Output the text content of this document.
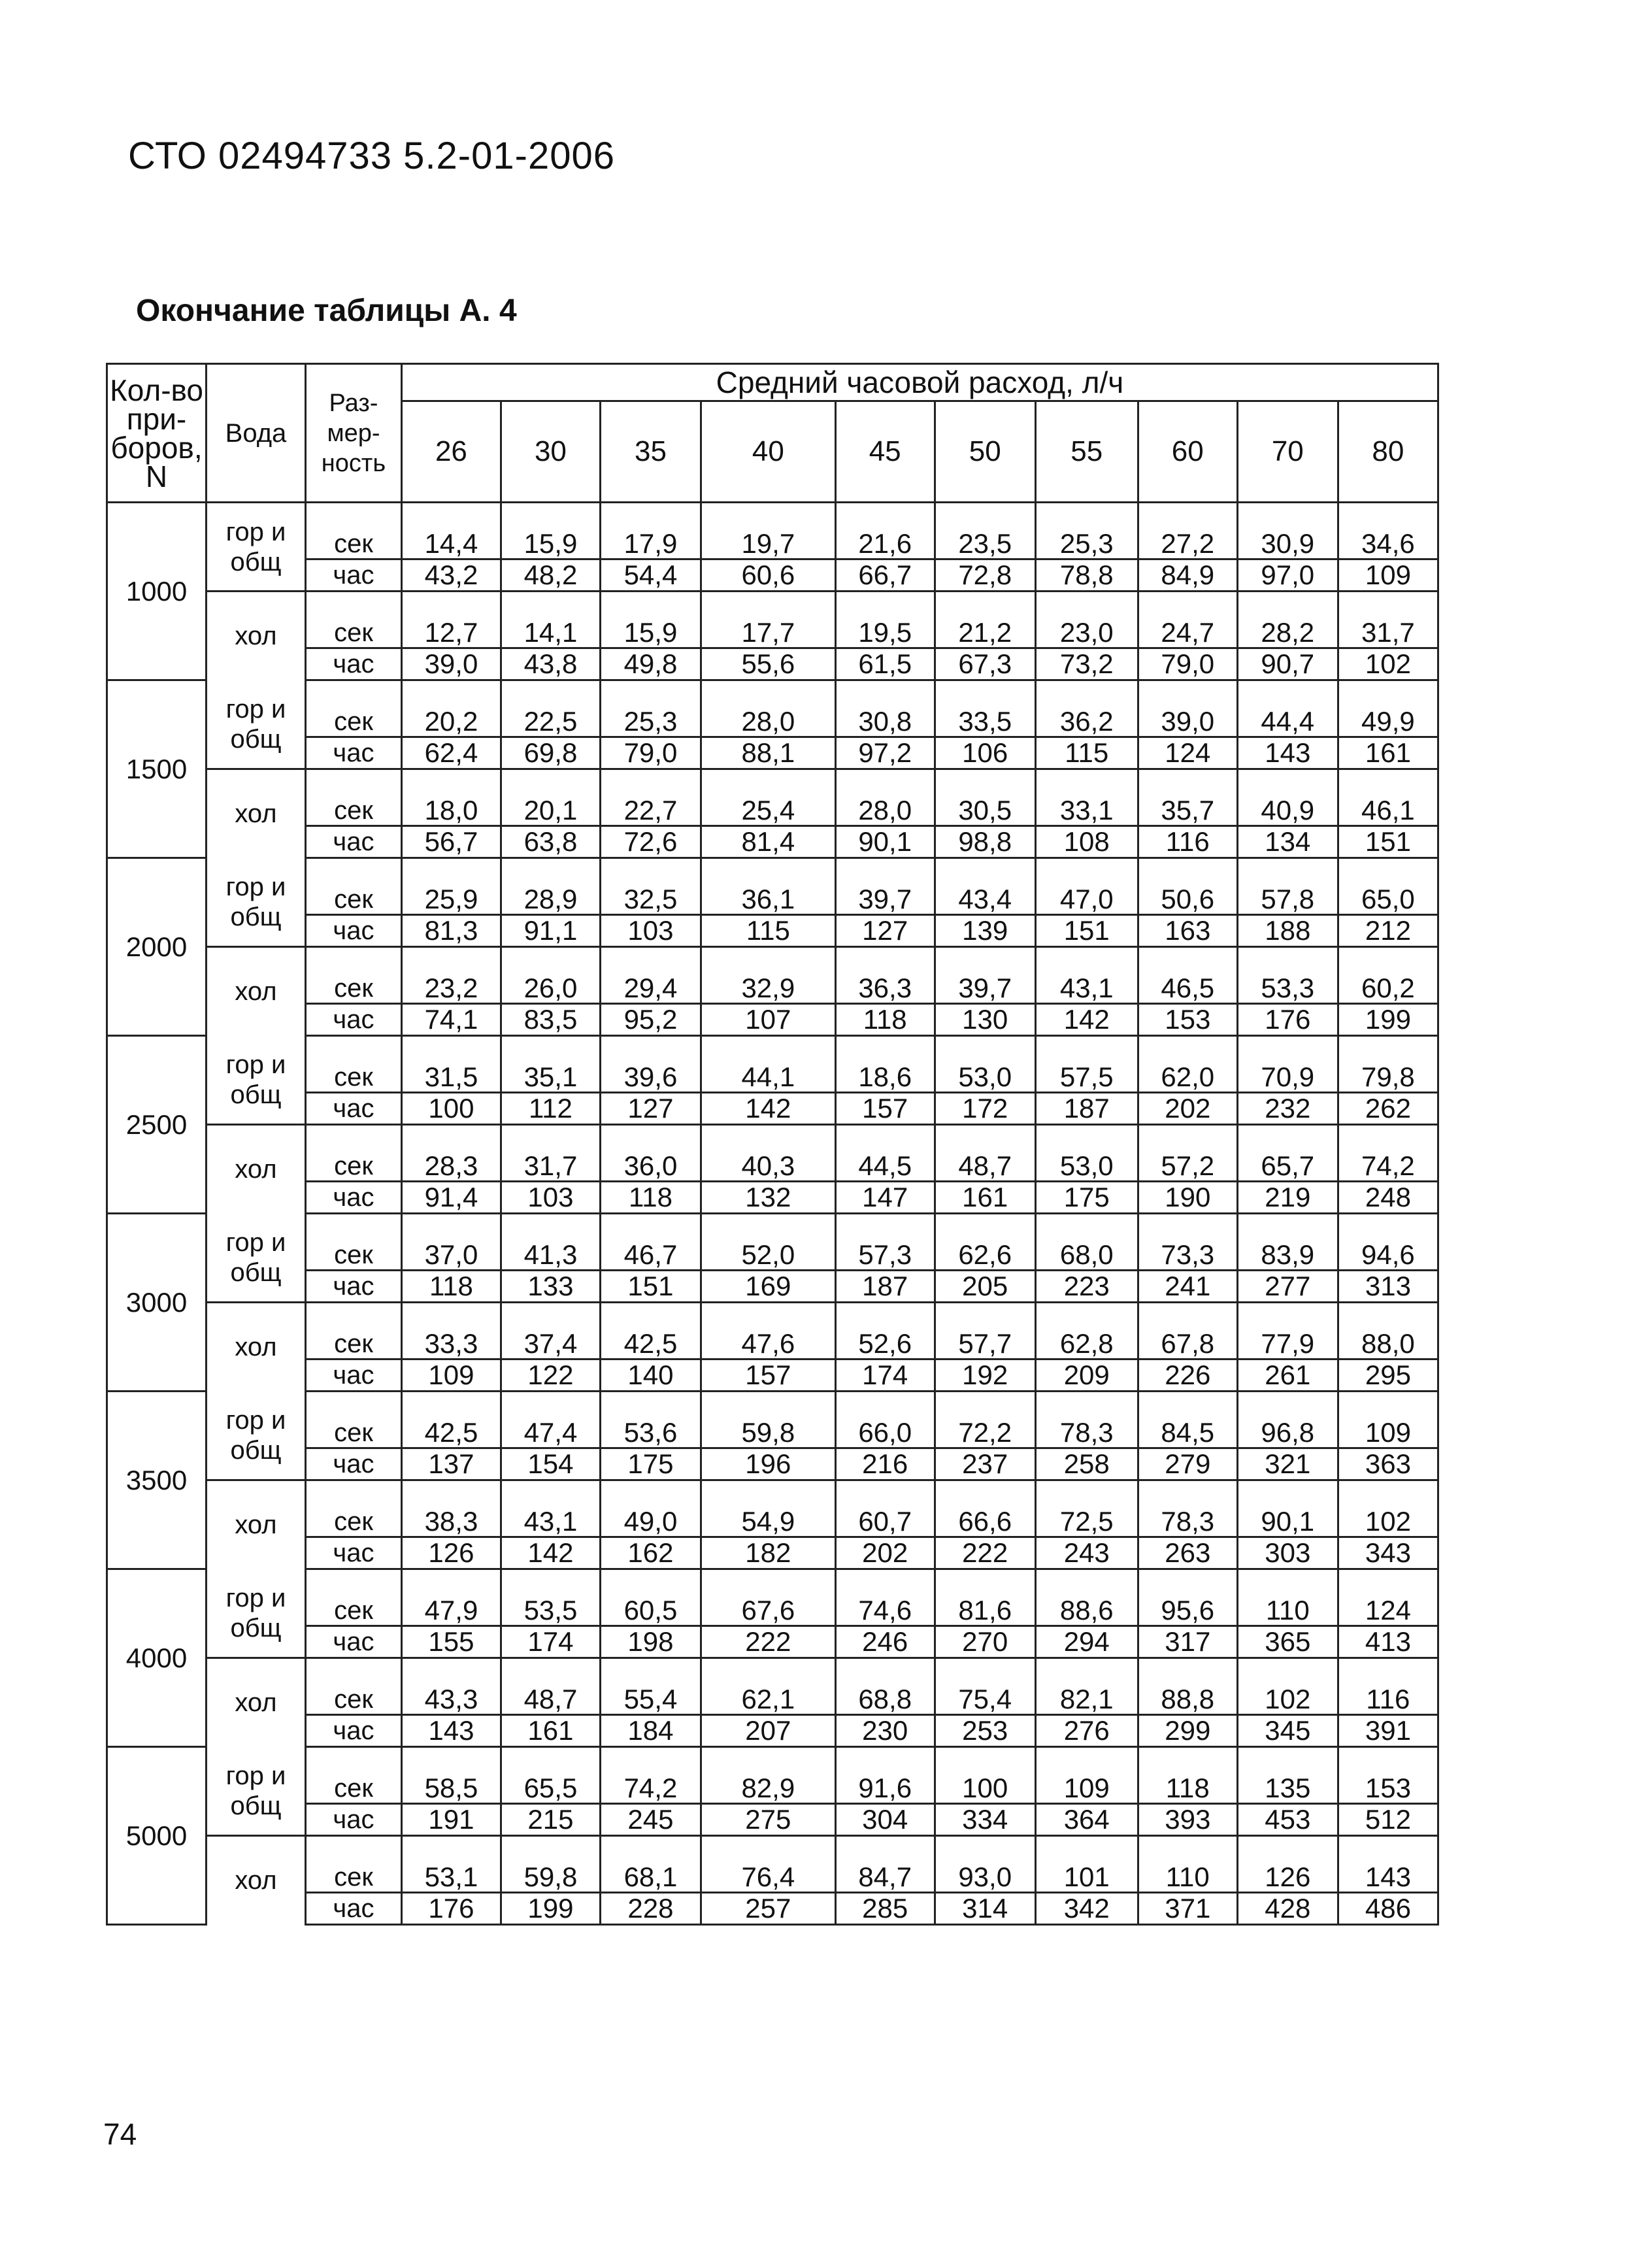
СТО 02494733 5.2-01-2006
Окончание таблицы А. 4
Кол-во при-боров, N	Вода	Раз-мер-ность	Средний часовой расход, л/ч									
			26	30	35	40	45	50	55	60	70	80
1000	гор и общ											
		сек	14,4	15,9	17,9	19,7	21,6	23,5	25,3	27,2	30,9	34,6
		час	43,2	48,2	54,4	60,6	66,7	72,8	78,8	84,9	97,0	109
	хол											
		сек	12,7	14,1	15,9	17,7	19,5	21,2	23,0	24,7	28,2	31,7
		час	39,0	43,8	49,8	55,6	61,5	67,3	73,2	79,0	90,7	102
1500	гор и общ											
		сек	20,2	22,5	25,3	28,0	30,8	33,5	36,2	39,0	44,4	49,9
		час	62,4	69,8	79,0	88,1	97,2	106	115	124	143	161
	хол											
		сек	18,0	20,1	22,7	25,4	28,0	30,5	33,1	35,7	40,9	46,1
		час	56,7	63,8	72,6	81,4	90,1	98,8	108	116	134	151
2000	гор и общ											
		сек	25,9	28,9	32,5	36,1	39,7	43,4	47,0	50,6	57,8	65,0
		час	81,3	91,1	103	115	127	139	151	163	188	212
	хол											
		сек	23,2	26,0	29,4	32,9	36,3	39,7	43,1	46,5	53,3	60,2
		час	74,1	83,5	95,2	107	118	130	142	153	176	199
2500	гор и общ											
		сек	31,5	35,1	39,6	44,1	18,6	53,0	57,5	62,0	70,9	79,8
		час	100	112	127	142	157	172	187	202	232	262
	хол											
		сек	28,3	31,7	36,0	40,3	44,5	48,7	53,0	57,2	65,7	74,2
		час	91,4	103	118	132	147	161	175	190	219	248
3000	гор и общ											
		сек	37,0	41,3	46,7	52,0	57,3	62,6	68,0	73,3	83,9	94,6
		час	118	133	151	169	187	205	223	241	277	313
	хол											
		сек	33,3	37,4	42,5	47,6	52,6	57,7	62,8	67,8	77,9	88,0
		час	109	122	140	157	174	192	209	226	261	295
3500	гор и общ											
		сек	42,5	47,4	53,6	59,8	66,0	72,2	78,3	84,5	96,8	109
		час	137	154	175	196	216	237	258	279	321	363
	хол											
		сек	38,3	43,1	49,0	54,9	60,7	66,6	72,5	78,3	90,1	102
		час	126	142	162	182	202	222	243	263	303	343
4000	гор и общ											
		сек	47,9	53,5	60,5	67,6	74,6	81,6	88,6	95,6	110	124
		час	155	174	198	222	246	270	294	317	365	413
	хол											
		сек	43,3	48,7	55,4	62,1	68,8	75,4	82,1	88,8	102	116
		час	143	161	184	207	230	253	276	299	345	391
5000	гор и общ											
		сек	58,5	65,5	74,2	82,9	91,6	100	109	118	135	153
		час	191	215	245	275	304	334	364	393	453	512
	хол											
		сек	53,1	59,8	68,1	76,4	84,7	93,0	101	110	126	143
		час	176	199	228	257	285	314	342	371	428	486
74
